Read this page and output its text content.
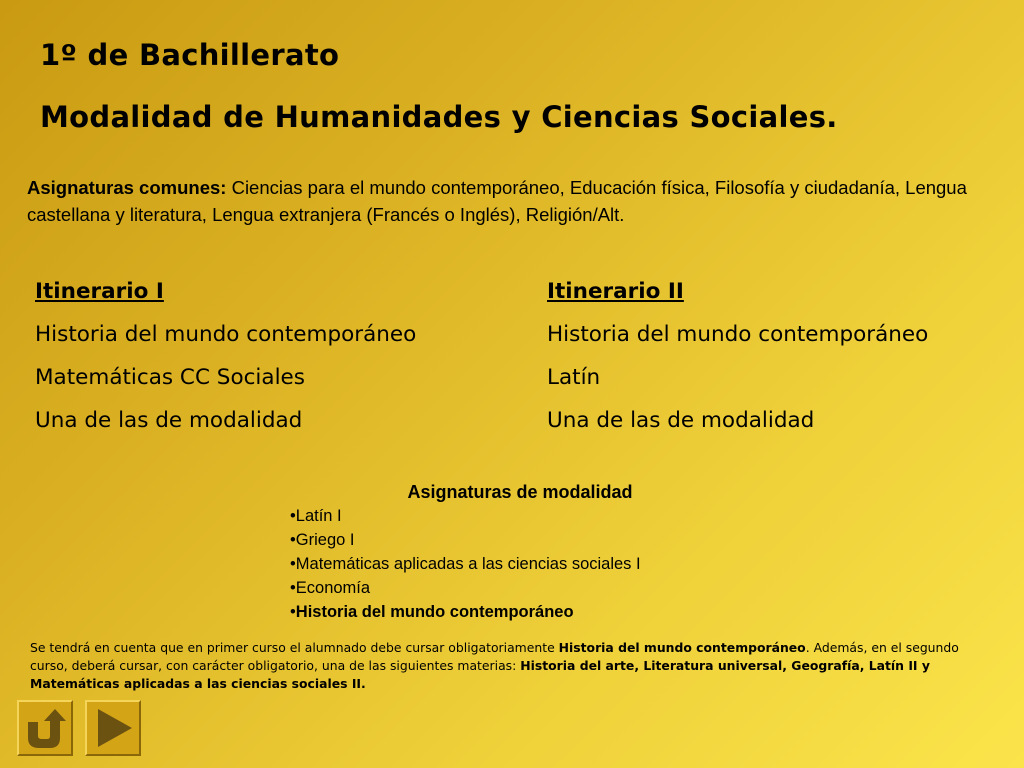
1º de Bachillerato
Modalidad de Humanidades y Ciencias Sociales.
Asignaturas comunes: Ciencias para el mundo contemporáneo, Educación física, Filosofía y ciudadanía, Lengua castellana y literatura, Lengua extranjera (Francés o Inglés), Religión/Alt.
Itinerario I
Historia del mundo contemporáneo
Matemáticas CC Sociales
Una de las de modalidad
Itinerario II
Historia del mundo contemporáneo
Latín
Una de las de modalidad
Asignaturas de modalidad
•Latín I
•Griego I
•Matemáticas aplicadas a las ciencias sociales I
•Economía
•Historia del mundo contemporáneo
Se tendrá en cuenta que en primer curso el alumnado debe cursar obligatoriamente Historia del mundo contemporáneo. Además, en el segundo curso, deberá cursar, con carácter obligatorio, una de las siguientes materias: Historia del arte, Literatura universal, Geografía, Latín II y Matemáticas aplicadas a las ciencias sociales II.
